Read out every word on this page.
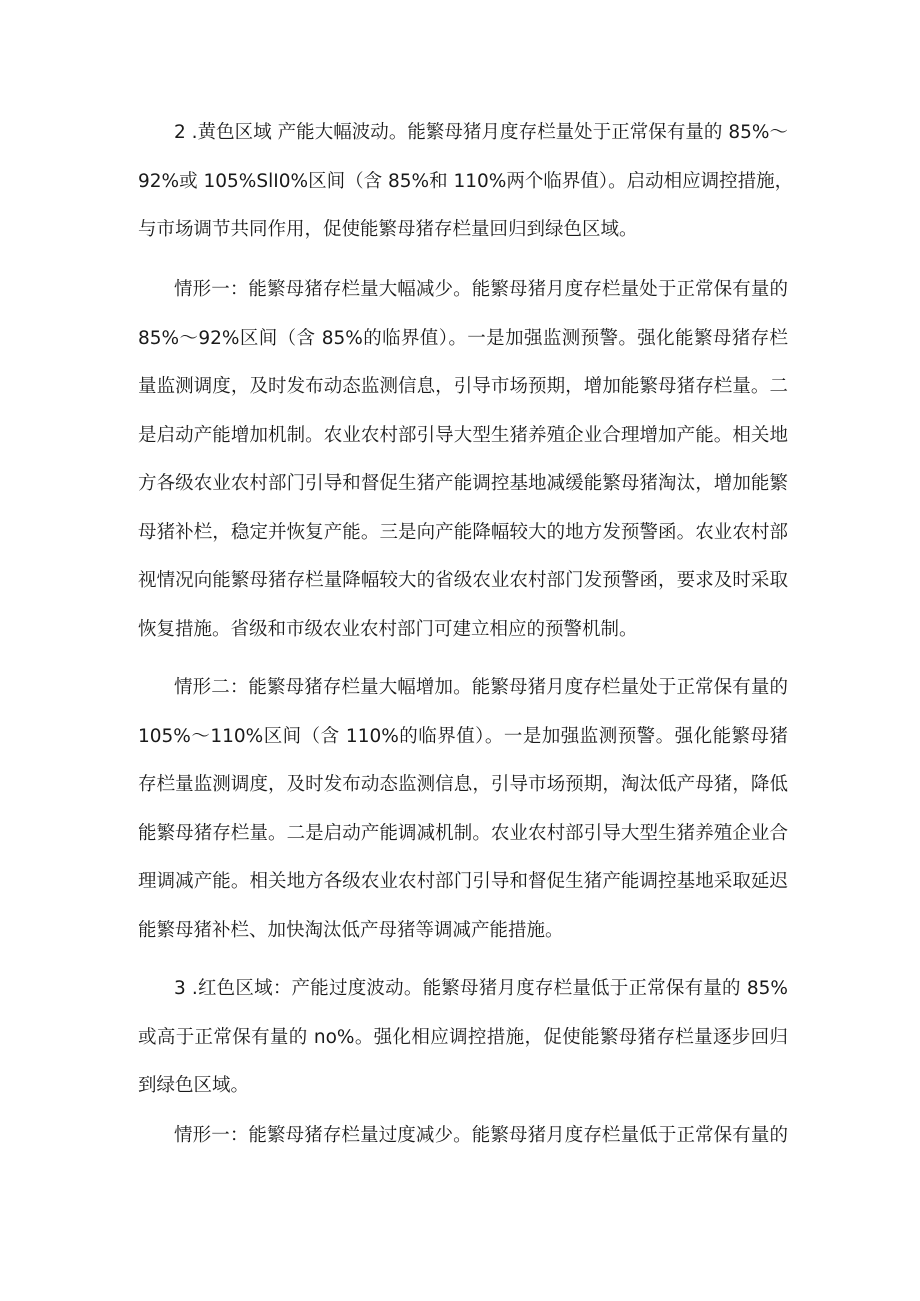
2 .黄色区域 产能大幅波动。能繁母猪月度存栏量处于正常保有量的 85%～
92%或 105%SlI0%区间（含 85%和 110%两个临界值）。启动相应调控措施，
与市场调节共同作用，促使能繁母猪存栏量回归到绿色区域。
情形一：能繁母猪存栏量大幅减少。能繁母猪月度存栏量处于正常保有量的
85%～92%区间（含 85%的临界值）。一是加强监测预警。强化能繁母猪存栏
量监测调度，及时发布动态监测信息，引导市场预期，增加能繁母猪存栏量。二
是启动产能增加机制。农业农村部引导大型生猪养殖企业合理增加产能。相关地
方各级农业农村部门引导和督促生猪产能调控基地减缓能繁母猪淘汰，增加能繁
母猪补栏，稳定并恢复产能。三是向产能降幅较大的地方发预警函。农业农村部
视情况向能繁母猪存栏量降幅较大的省级农业农村部门发预警函，要求及时采取
恢复措施。省级和市级农业农村部门可建立相应的预警机制。
情形二：能繁母猪存栏量大幅增加。能繁母猪月度存栏量处于正常保有量的
105%～110%区间（含 110%的临界值）。一是加强监测预警。强化能繁母猪
存栏量监测调度，及时发布动态监测信息，引导市场预期，淘汰低产母猪，降低
能繁母猪存栏量。二是启动产能调减机制。农业农村部引导大型生猪养殖企业合
理调减产能。相关地方各级农业农村部门引导和督促生猪产能调控基地采取延迟
能繁母猪补栏、加快淘汰低产母猪等调减产能措施。
3 .红色区域：产能过度波动。能繁母猪月度存栏量低于正常保有量的 85%
或高于正常保有量的 no%。强化相应调控措施，促使能繁母猪存栏量逐步回归
到绿色区域。
情形一：能繁母猪存栏量过度减少。能繁母猪月度存栏量低于正常保有量的
